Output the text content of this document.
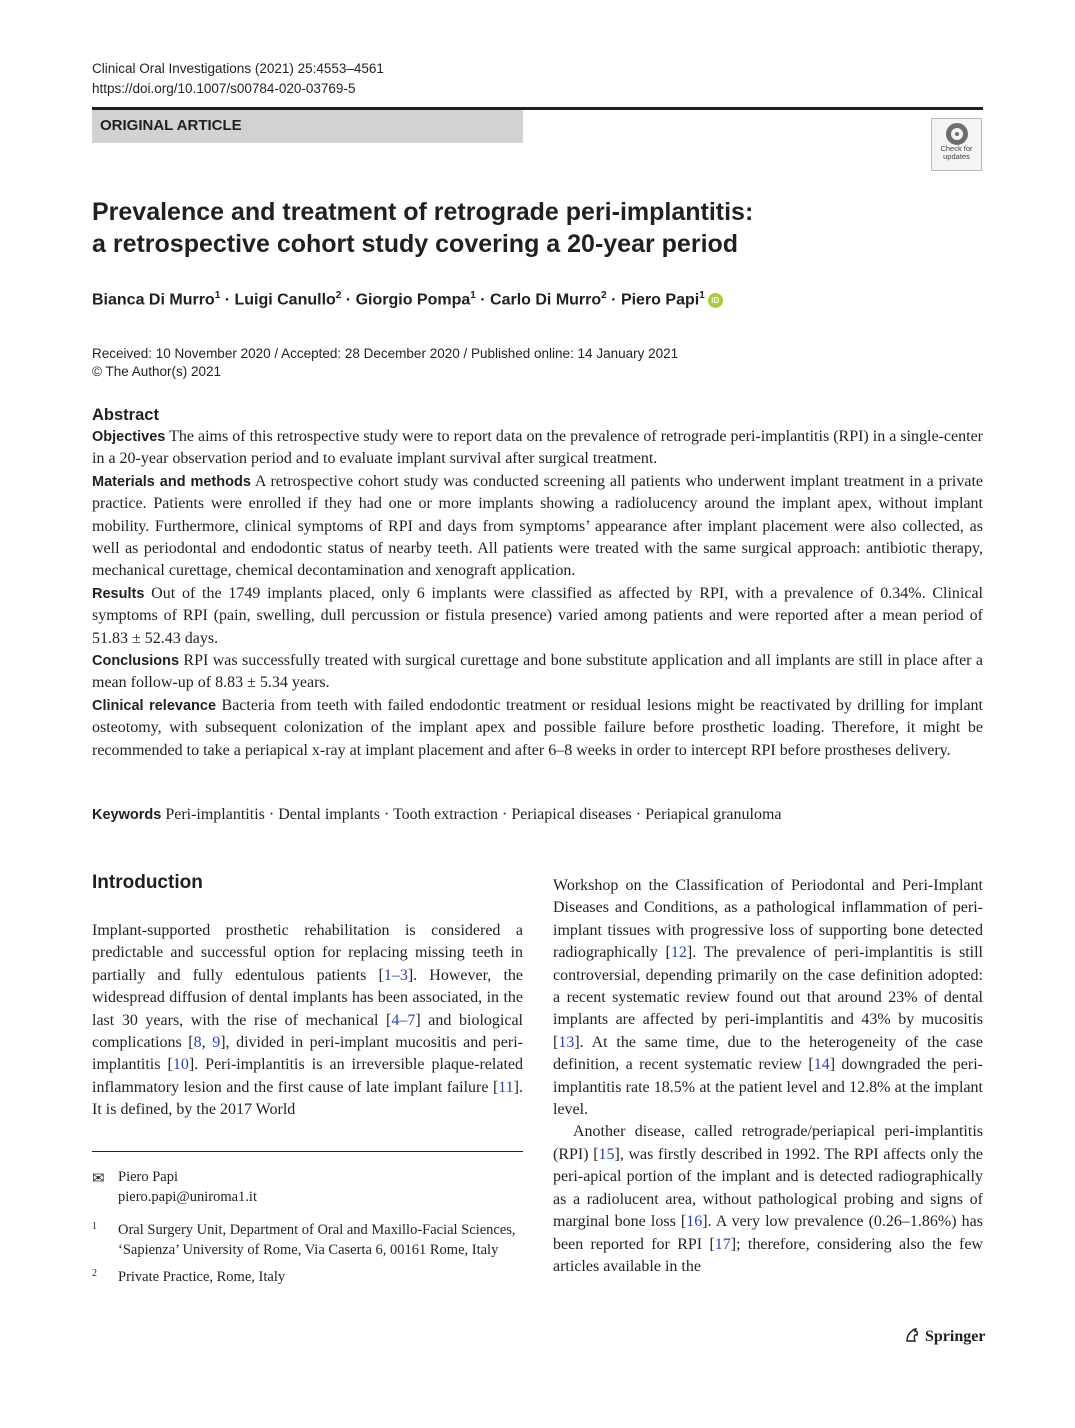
Clinical Oral Investigations (2021) 25:4553–4561
https://doi.org/10.1007/s00784-020-03769-5
ORIGINAL ARTICLE
Check for
updates
Prevalence and treatment of retrograde peri-implantitis:
a retrospective cohort study covering a 20-year period
Bianca Di Murro$^1$ · Luigi Canullo$^2$ · Giorgio Pompa$^1$ · Carlo Di Murro$^2$ · Piero Papi$^1$ iD
Received: 10 November 2020 / Accepted: 28 December 2020 / Published online: 14 January 2021
© The Author(s) 2021
Abstract

Objectives The aims of this retrospective study were to report data on the prevalence of retrograde peri-implantitis (RPI) in a single-center in a 20-year observation period and to evaluate implant survival after surgical treatment.

Materials and methods A retrospective cohort study was conducted screening all patients who underwent implant treatment in a private practice. Patients were enrolled if they had one or more implants showing a radiolucency around the implant apex, without implant mobility. Furthermore, clinical symptoms of RPI and days from symptoms’ appearance after implant placement were also collected, as well as periodontal and endodontic status of nearby teeth. All patients were treated with the same surgical approach: antibiotic therapy, mechanical curettage, chemical decontamination and xenograft application.

Results Out of the 1749 implants placed, only 6 implants were classified as affected by RPI, with a prevalence of 0.34%. Clinical symptoms of RPI (pain, swelling, dull percussion or fistula presence) varied among patients and were reported after a mean period of 51.83 ± 52.43 days.

Conclusions RPI was successfully treated with surgical curettage and bone substitute application and all implants are still in place after a mean follow-up of 8.83 ± 5.34 years.

Clinical relevance Bacteria from teeth with failed endodontic treatment or residual lesions might be reactivated by drilling for implant osteotomy, with subsequent colonization of the implant apex and possible failure before prosthetic loading. Therefore, it might be recommended to take a periapical x-ray at implant placement and after 6–8 weeks in order to intercept RPI before prostheses delivery.

Keywords Peri-implantitis · Dental implants · Tooth extraction · Periapical diseases · Periapical granuloma
Introduction

Implant-supported prosthetic rehabilitation is considered a predictable and successful option for replacing missing teeth in partially and fully edentulous patients [1–3]. However, the widespread diffusion of dental implants has been associated, in the last 30 years, with the rise of mechanical [4–7] and biological complications [8, 9], divided in peri-implant mucositis and peri-implantitis [10]. Peri-implantitis is an irreversible plaque-related inflammatory lesion and the first cause of late implant failure [11]. It is defined, by the 2017 World

✉ Piero Papi
piero.papi@uniroma1.it
1 Oral Surgery Unit, Department of Oral and Maxillo-Facial Sciences, ‘Sapienza’ University of Rome, Via Caserta 6, 00161 Rome, Italy
2 Private Practice, Rome, Italy

Workshop on the Classification of Periodontal and Peri-Implant Diseases and Conditions, as a pathological inflammation of peri-implant tissues with progressive loss of supporting bone detected radiographically [12]. The prevalence of peri-implantitis is still controversial, depending primarily on the case definition adopted: a recent systematic review found out that around 23% of dental implants are affected by peri-implantitis and 43% by mucositis [13]. At the same time, due to the heterogeneity of the case definition, a recent systematic review [14] downgraded the peri-implantitis rate 18.5% at the patient level and 12.8% at the implant level.

Another disease, called retrograde/periapical peri-implantitis (RPI) [15], was firstly described in 1992. The RPI affects only the peri-apical portion of the implant and is detected radiographically as a radiolucent area, without pathological probing and signs of marginal bone loss [16]. A very low prevalence (0.26–1.86%) has been reported for RPI [17]; therefore, considering also the few articles available in the

Springer
